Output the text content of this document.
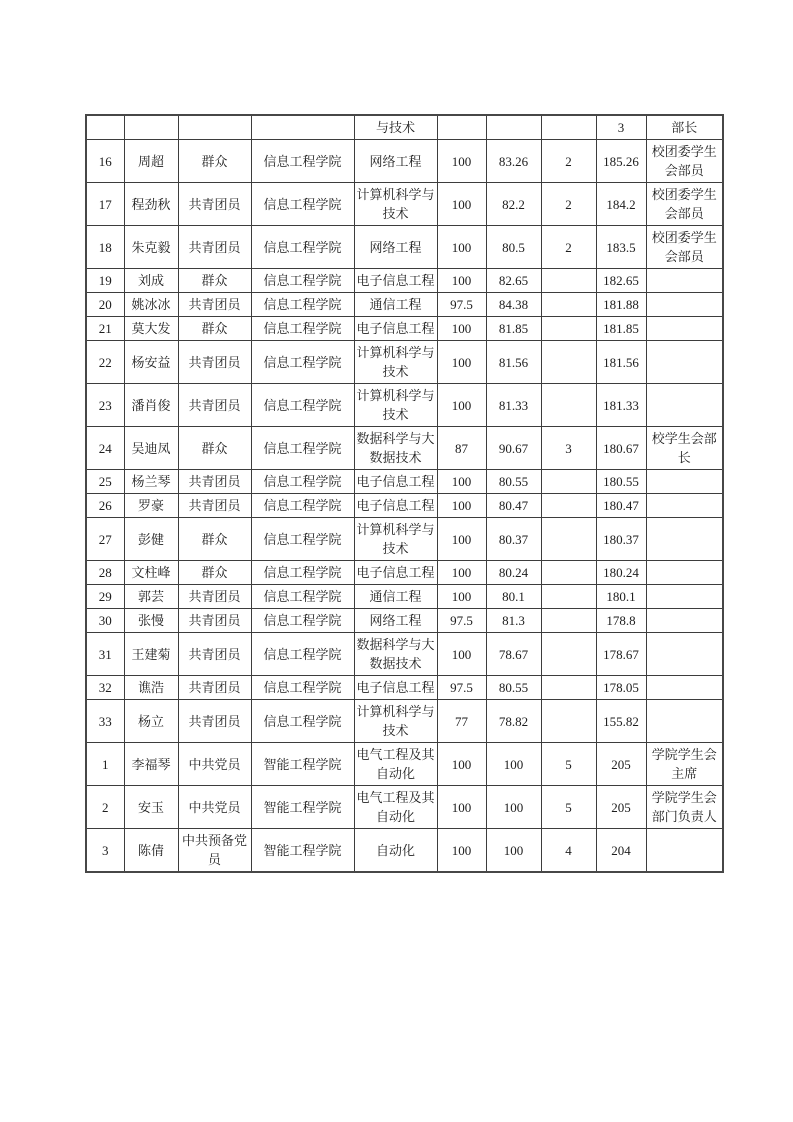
				与技术				3	部长
16	周超	群众	信息工程学院	网络工程	100	83.26	2	185.26	校团委学生会部员
17	程劲秋	共青团员	信息工程学院	计算机科学与技术	100	82.2	2	184.2	校团委学生会部员
18	朱克毅	共青团员	信息工程学院	网络工程	100	80.5	2	183.5	校团委学生会部员
19	刘成	群众	信息工程学院	电子信息工程	100	82.65		182.65	
20	姚冰冰	共青团员	信息工程学院	通信工程	97.5	84.38		181.88	
21	莫大发	群众	信息工程学院	电子信息工程	100	81.85		181.85	
22	杨安益	共青团员	信息工程学院	计算机科学与技术	100	81.56		181.56	
23	潘肖俊	共青团员	信息工程学院	计算机科学与技术	100	81.33		181.33	
24	吴迪凤	群众	信息工程学院	数据科学与大数据技术	87	90.67	3	180.67	校学生会部长
25	杨兰琴	共青团员	信息工程学院	电子信息工程	100	80.55		180.55	
26	罗豪	共青团员	信息工程学院	电子信息工程	100	80.47		180.47	
27	彭健	群众	信息工程学院	计算机科学与技术	100	80.37		180.37	
28	文柱峰	群众	信息工程学院	电子信息工程	100	80.24		180.24	
29	郭芸	共青团员	信息工程学院	通信工程	100	80.1		180.1	
30	张慢	共青团员	信息工程学院	网络工程	97.5	81.3		178.8	
31	王建菊	共青团员	信息工程学院	数据科学与大数据技术	100	78.67		178.67	
32	谯浩	共青团员	信息工程学院	电子信息工程	97.5	80.55		178.05	
33	杨立	共青团员	信息工程学院	计算机科学与技术	77	78.82		155.82	
1	李福琴	中共党员	智能工程学院	电气工程及其自动化	100	100	5	205	学院学生会主席
2	安玉	中共党员	智能工程学院	电气工程及其自动化	100	100	5	205	学院学生会部门负责人
3	陈倩	中共预备党员	智能工程学院	自动化	100	100	4	204	
